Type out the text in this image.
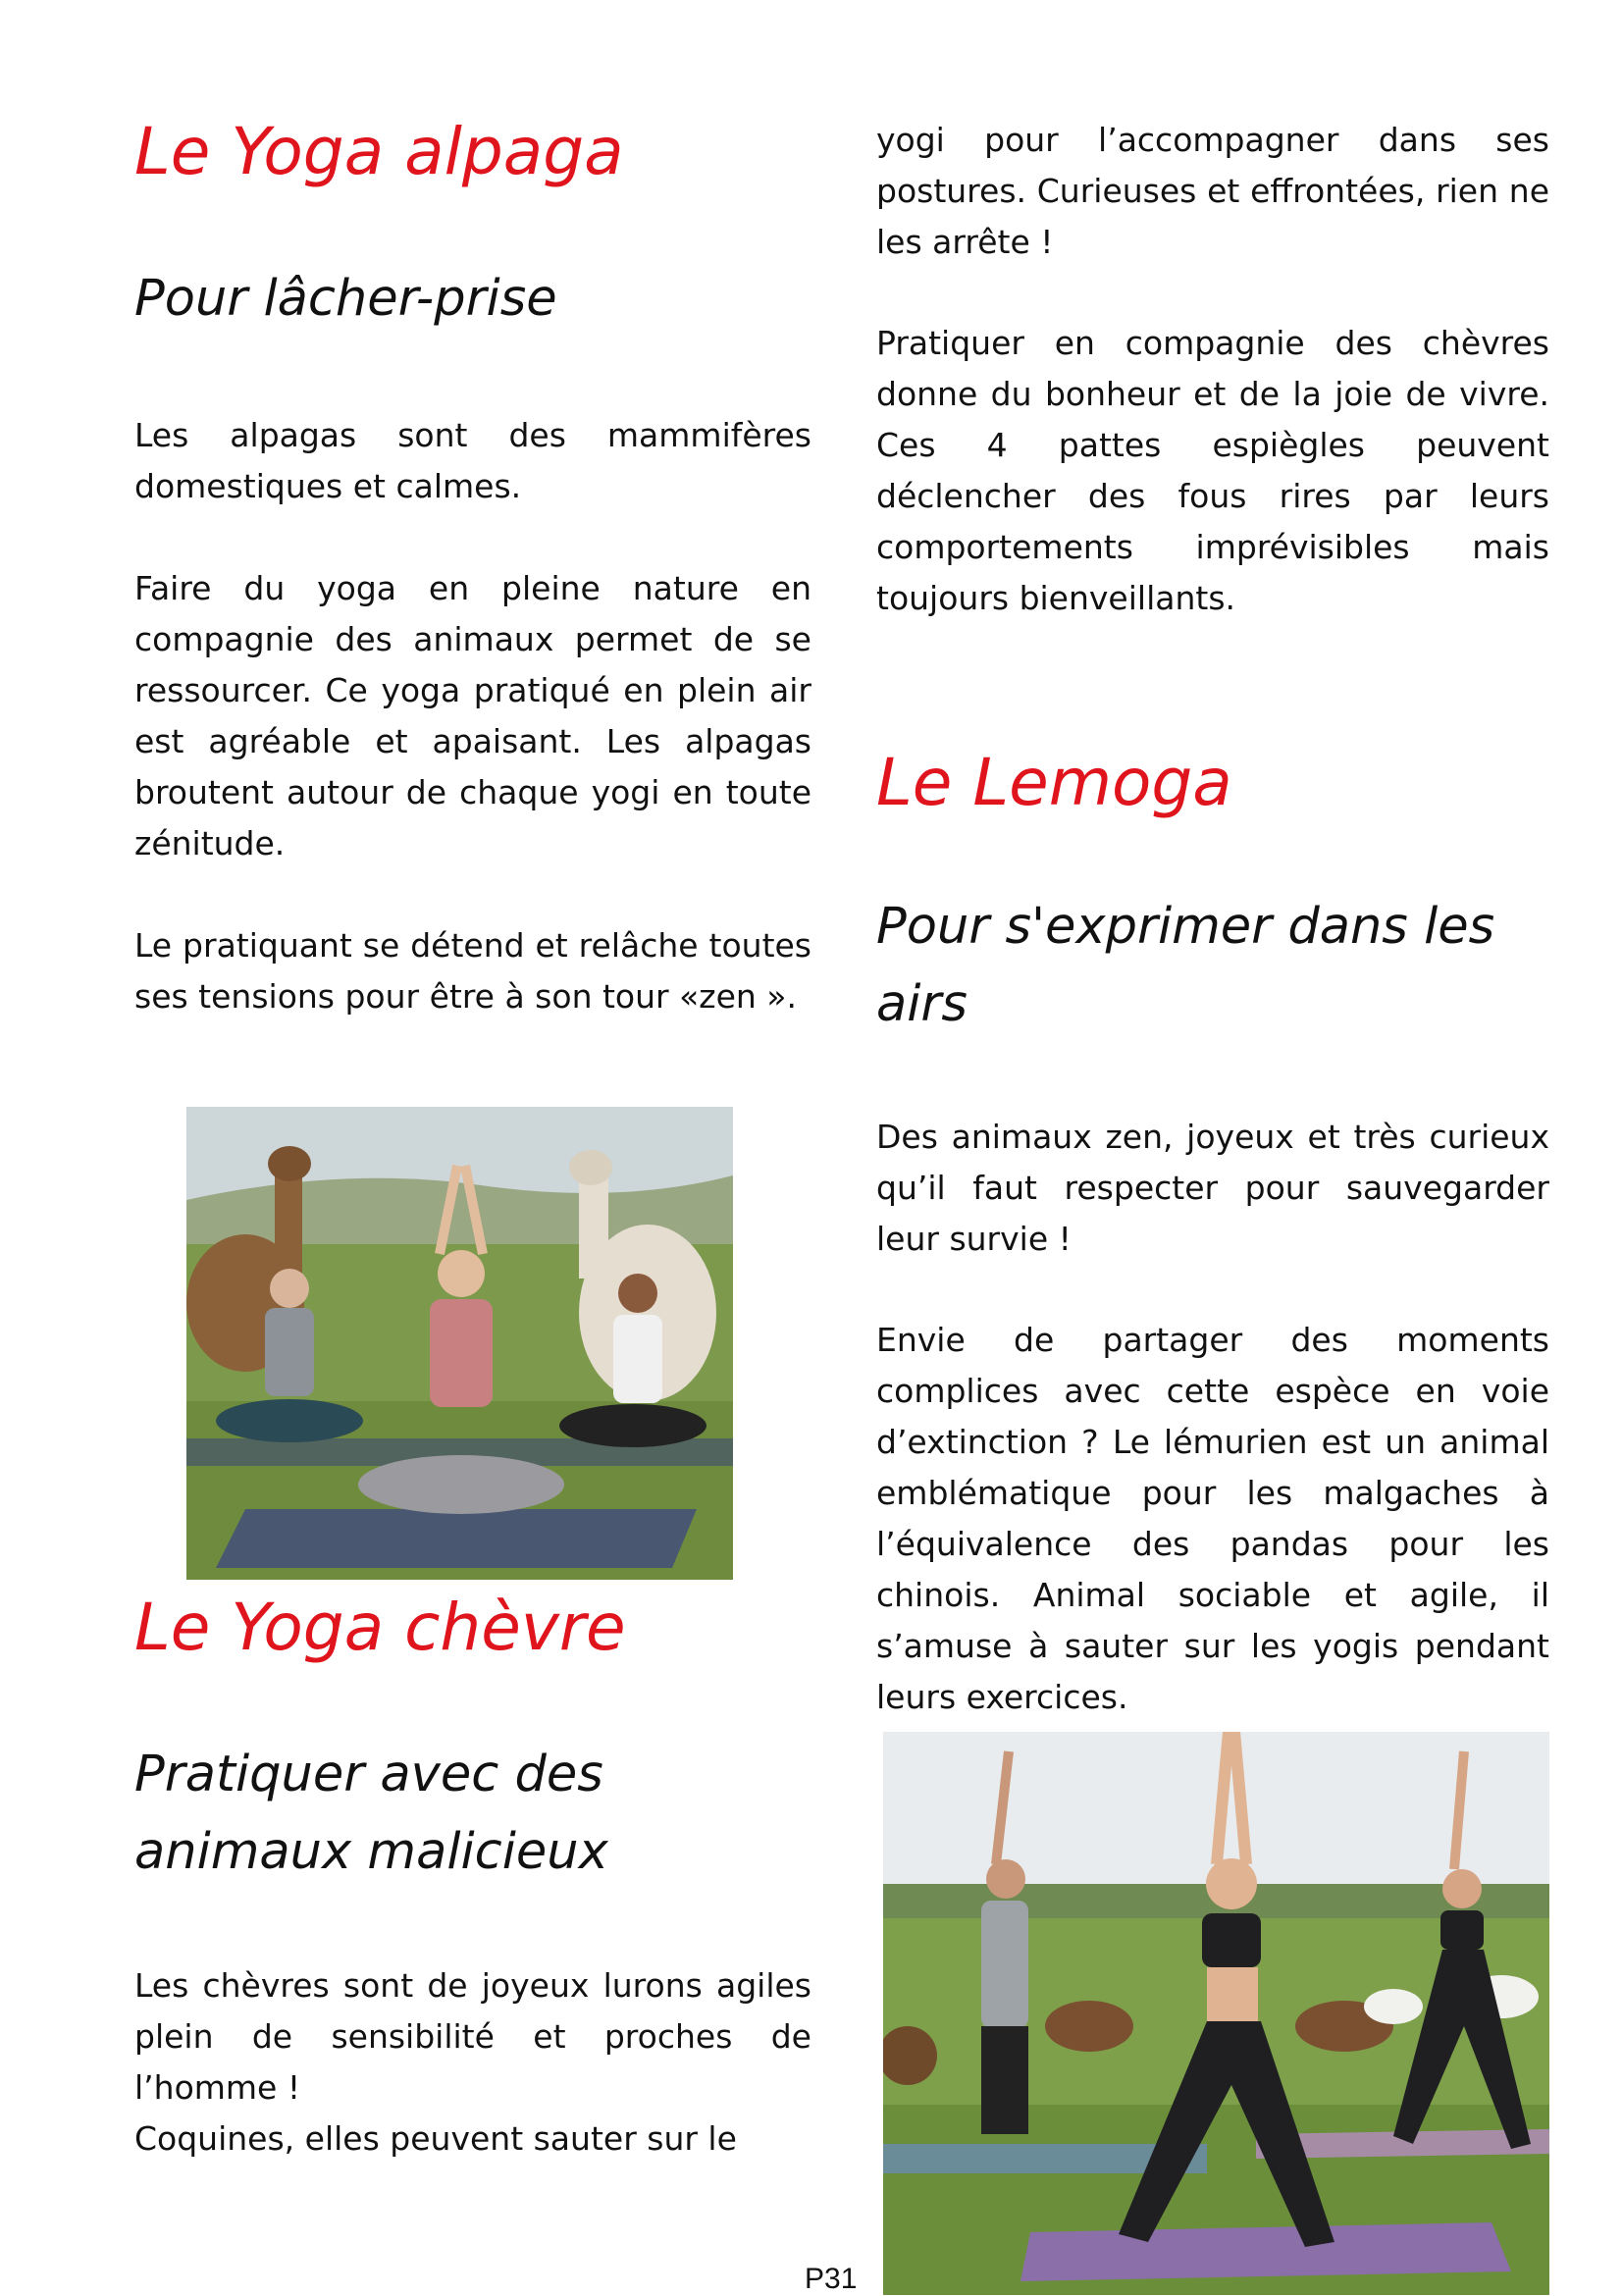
Le Yoga alpaga
Pour lâcher-prise

Les alpagas sont des mammifères domestiques et calmes.

Faire du yoga en pleine nature en compagnie des animaux permet de se ressourcer. Ce yoga pratiqué en plein air est agréable et apaisant. Les alpagas broutent autour de chaque yogi en toute zénitude.

Le pratiquant se détend et relâche toutes ses tensions pour être à son tour «zen ».

Le Yoga chèvre
Pratiquer avec des animaux malicieux

Les chèvres sont de joyeux lurons agiles plein de sensibilité et proches de l’homme !

Coquines, elles peuvent sauter sur le

yogi pour l’accompagner dans ses postures. Curieuses et effrontées, rien ne les arrête !

Pratiquer en compagnie des chèvres donne du bonheur et de la joie de vivre. Ces 4 pattes espiègles peuvent déclencher des fous rires par leurs comportements imprévisibles mais toujours bienveillants.

Le Lemoga
Pour s'exprimer dans les airs

Des animaux zen, joyeux et très curieux qu’il faut respecter pour sauvegarder leur survie !

Envie de partager des moments complices avec cette espèce en voie d’extinction ? Le lémurien est un animal emblématique pour les malgaches à l’équivalence des pandas pour les chinois. Animal sociable et agile, il s’amuse à sauter sur les yogis pendant leurs exercices.

P31
